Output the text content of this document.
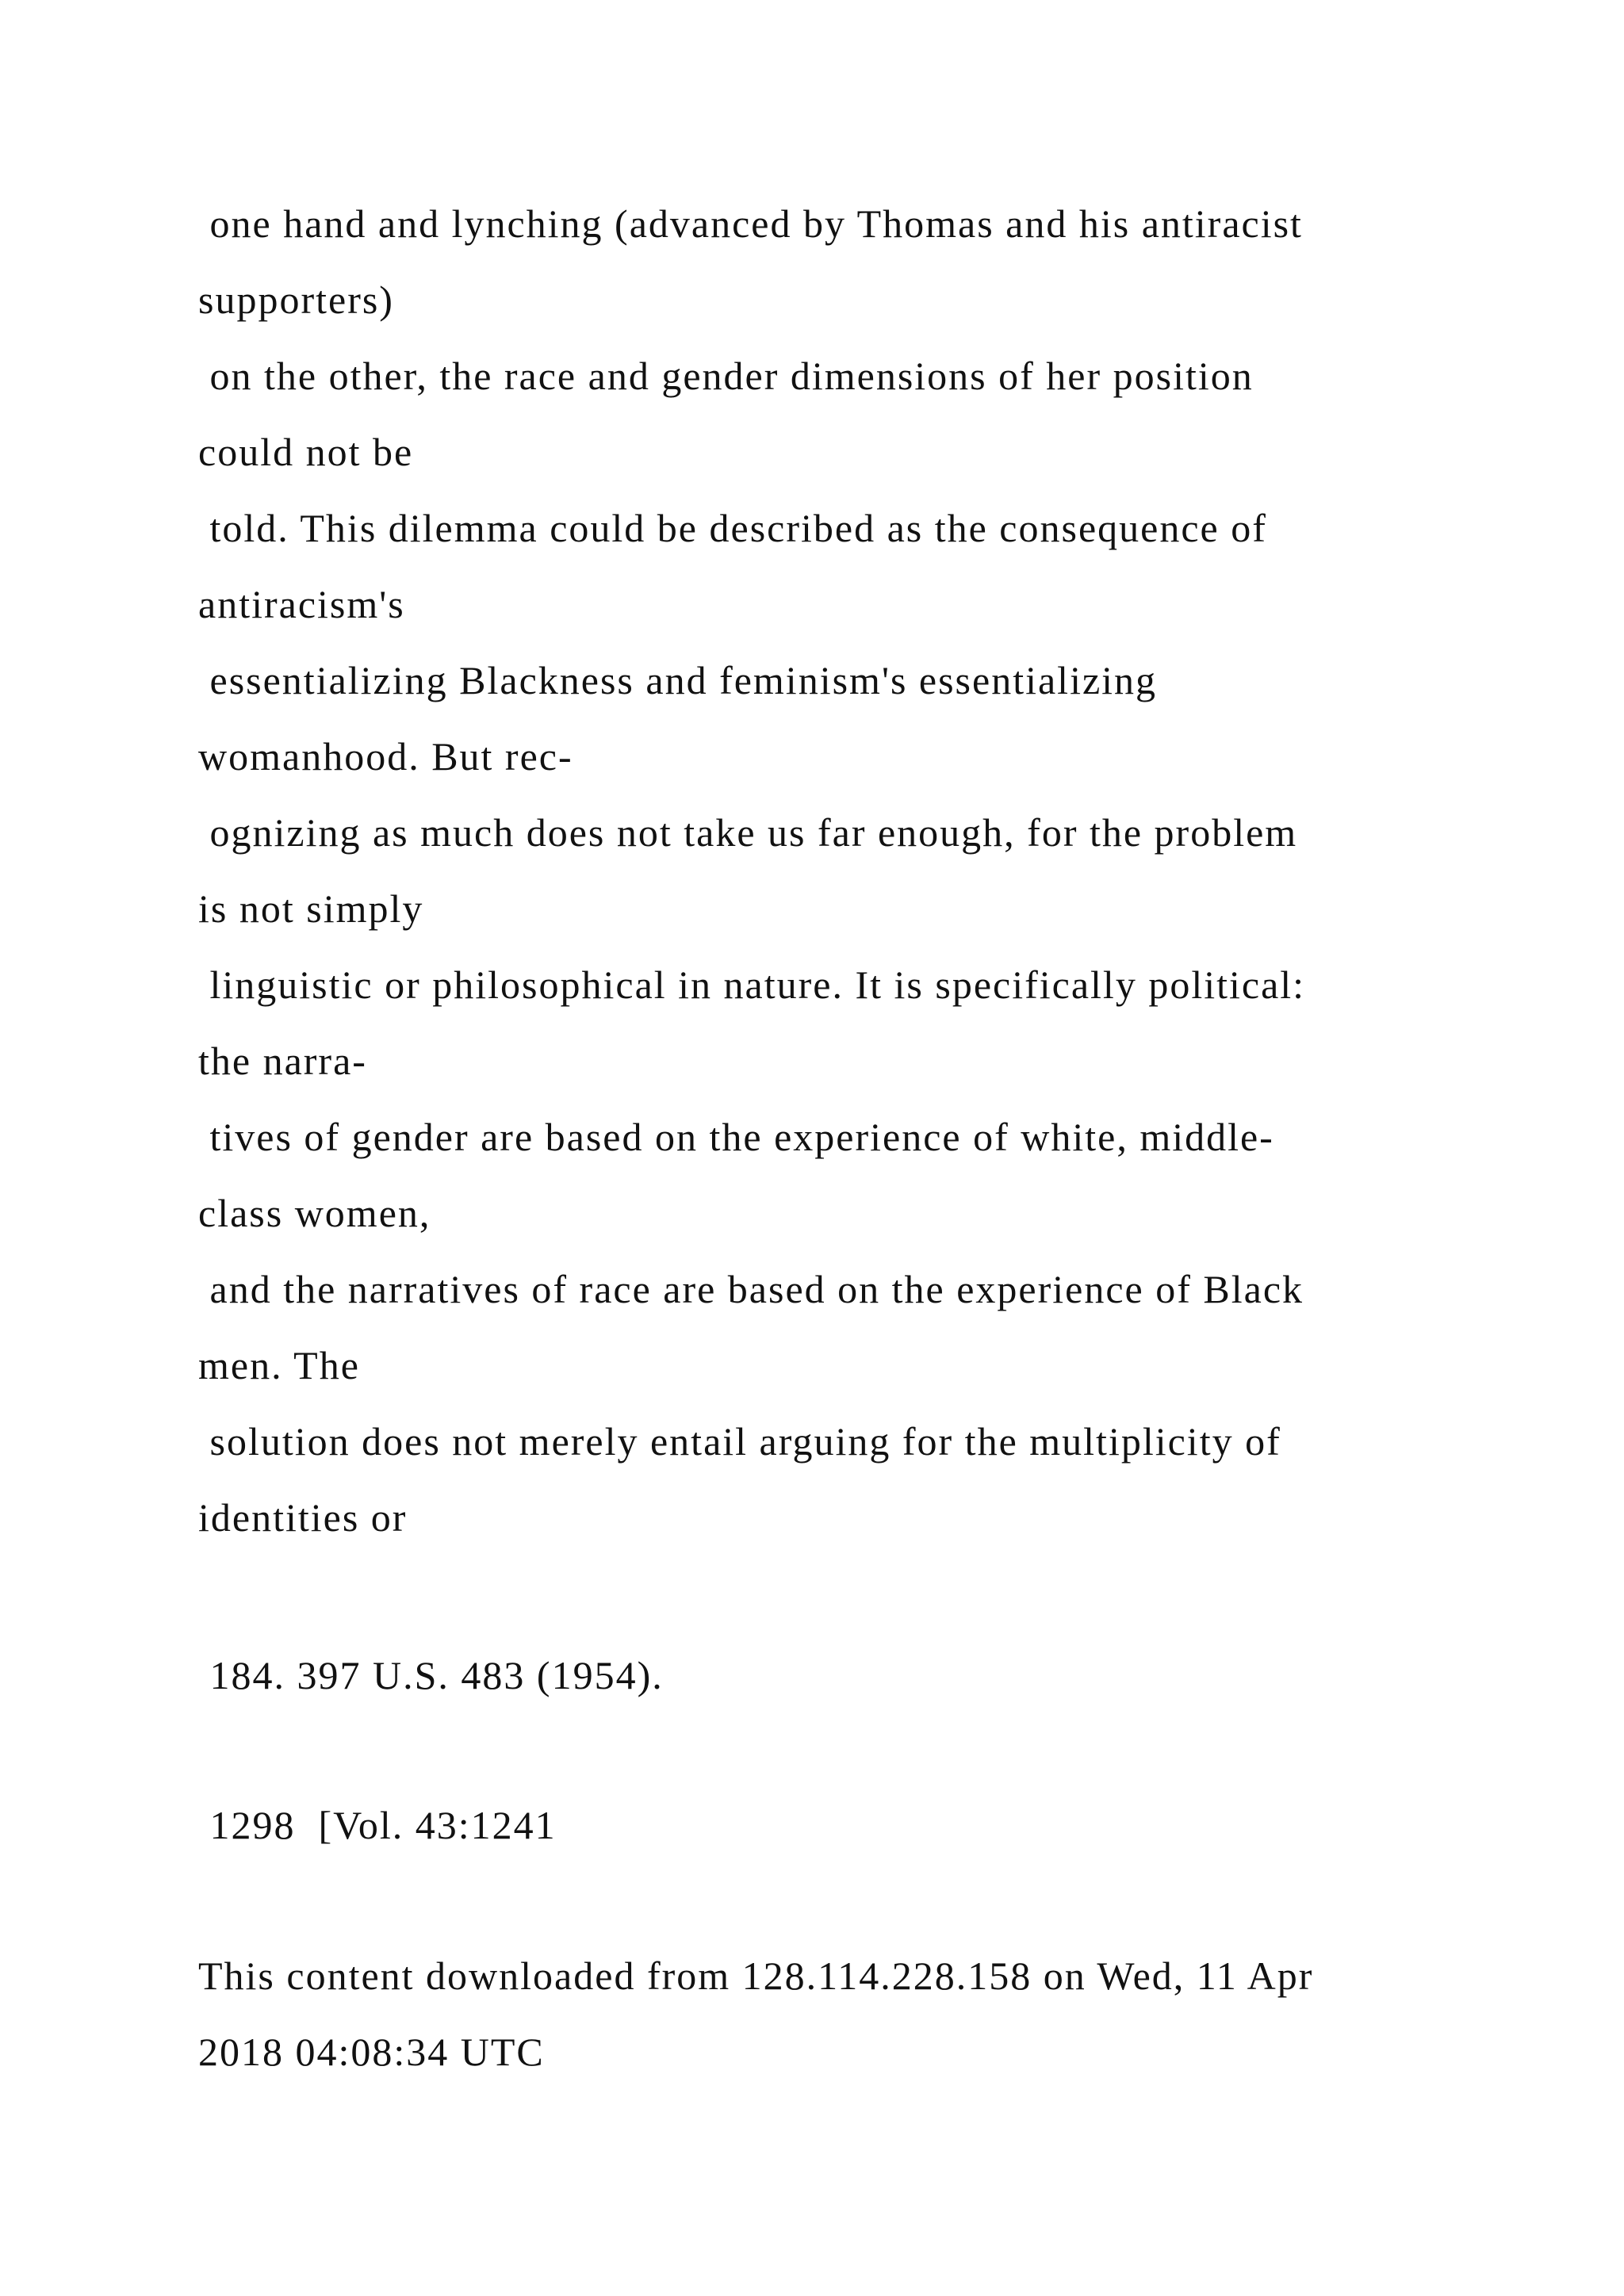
one hand and lynching (advanced by Thomas and his antiracist

supporters)

on the other, the race and gender dimensions of her position

could not be

told. This dilemma could be described as the consequence of

antiracism's

essentializing Blackness and feminism's essentializing

womanhood. But rec-

ognizing as much does not take us far enough, for the problem

is not simply

linguistic or philosophical in nature. It is specifically political:

the narra-

tives of gender are based on the experience of white, middle-

class women,

and the narratives of race are based on the experience of Black

men. The

solution does not merely entail arguing for the multiplicity of

identities or

184. 397 U.S. 483 (1954).

1298  [Vol. 43:1241

This content downloaded from 128.114.228.158 on Wed, 11 Apr

2018 04:08:34 UTC
